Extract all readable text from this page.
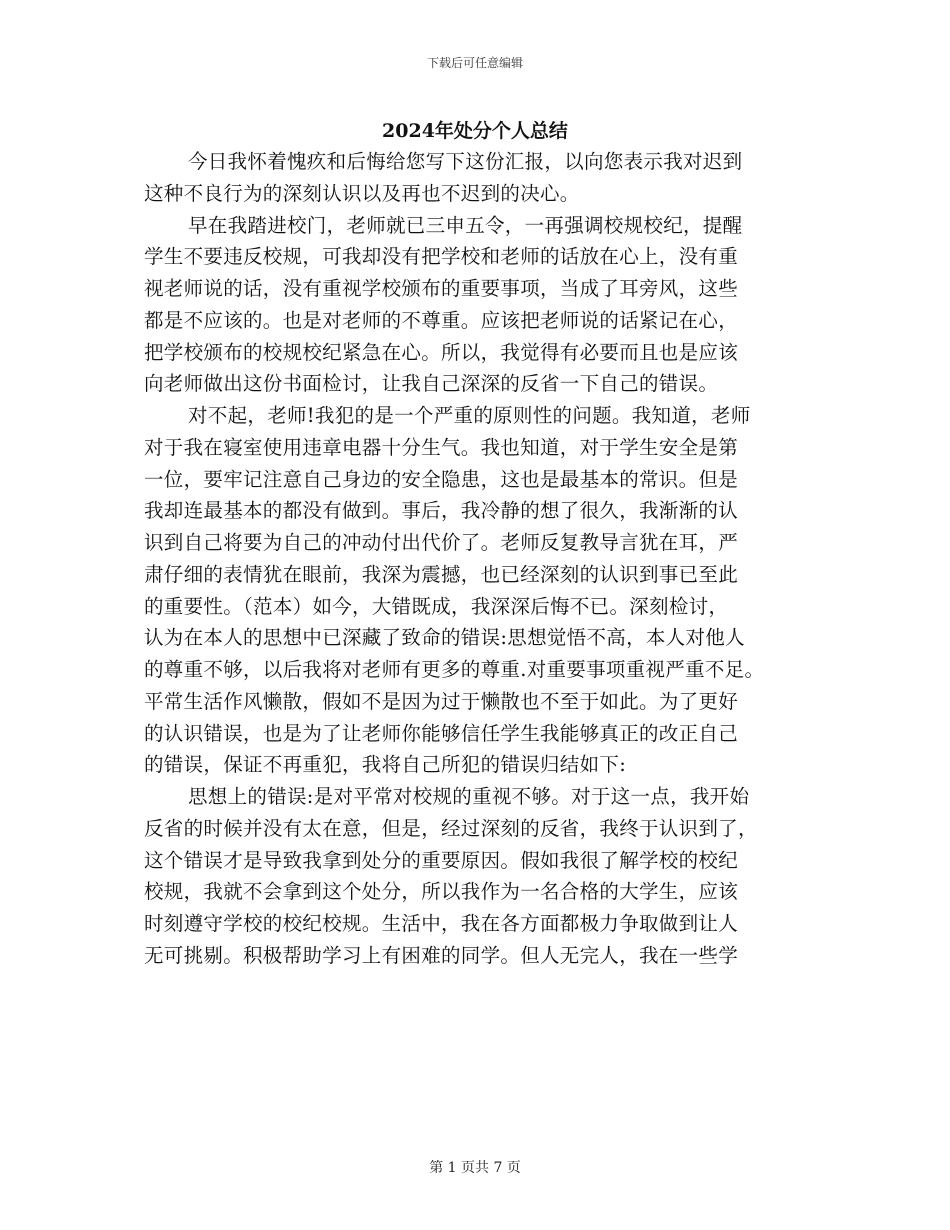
下载后可任意编辑
2024年处分个人总结
今日我怀着愧疚和后悔给您写下这份汇报，以向您表示我对迟到
这种不良行为的深刻认识以及再也不迟到的决心。
早在我踏进校门，老师就已三申五令，一再强调校规校纪，提醒
学生不要违反校规，可我却没有把学校和老师的话放在心上，没有重
视老师说的话，没有重视学校颁布的重要事项，当成了耳旁风，这些
都是不应该的。也是对老师的不尊重。应该把老师说的话紧记在心，
把学校颁布的校规校纪紧急在心。所以，我觉得有必要而且也是应该
向老师做出这份书面检讨，让我自己深深的反省一下自己的错误。
对不起，老师!我犯的是一个严重的原则性的问题。我知道，老师
对于我在寝室使用违章电器十分生气。我也知道，对于学生安全是第
一位，要牢记注意自己身边的安全隐患，这也是最基本的常识。但是
我却连最基本的都没有做到。事后，我冷静的想了很久，我渐渐的认
识到自己将要为自己的冲动付出代价了。老师反复教导言犹在耳，严
肃仔细的表情犹在眼前，我深为震撼，也已经深刻的认识到事已至此
的重要性。（范本）如今，大错既成，我深深后悔不已。深刻检讨，
认为在本人的思想中已深藏了致命的错误:思想觉悟不高，本人对他人
的尊重不够，以后我将对老师有更多的尊重.对重要事项重视严重不足。
平常生活作风懒散，假如不是因为过于懒散也不至于如此。为了更好
的认识错误，也是为了让老师你能够信任学生我能够真正的改正自己
的错误，保证不再重犯，我将自己所犯的错误归结如下:
思想上的错误:是对平常对校规的重视不够。对于这一点，我开始
反省的时候并没有太在意，但是，经过深刻的反省，我终于认识到了，
这个错误才是导致我拿到处分的重要原因。假如我很了解学校的校纪
校规，我就不会拿到这个处分，所以我作为一名合格的大学生，应该
时刻遵守学校的校纪校规。生活中，我在各方面都极力争取做到让人
无可挑剔。积极帮助学习上有困难的同学。但人无完人，我在一些学
第 1 页共 7 页
